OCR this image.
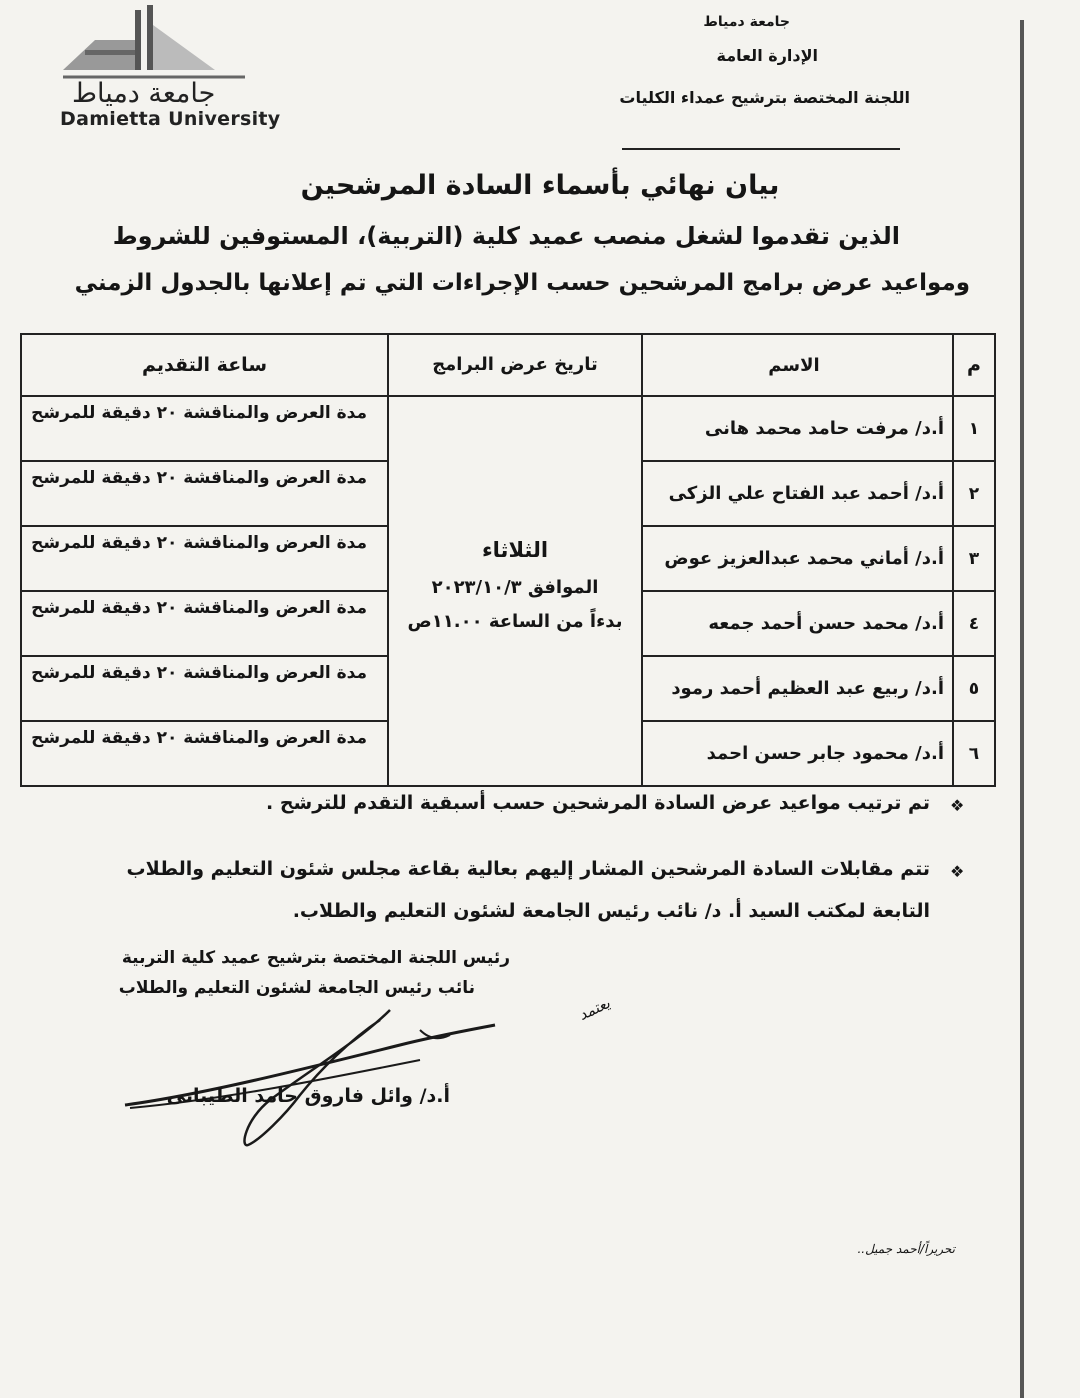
جامعة دمياط
Damietta University
جامعة دمياط
الإدارة العامة
اللجنة المختصة بترشيح عمداء الكليات
بيان نهائي بأسماء السادة المرشحين
الذين تقدموا لشغل منصب عميد كلية (التربية)، المستوفين للشروط
ومواعيد عرض برامج المرشحين حسب الإجراءات التي تم إعلانها بالجدول الزمني
م	الاسم	تاريخ عرض البرامج	ساعة التقديم
١	أ.د/ مرفت حامد محمد هانى	الثلاثاء
الموافق ٢٠٢٣/١٠/٣
بدءاً من الساعة ١١.٠٠ص	مدة العرض والمناقشة ٢٠ دقيقة للمرشح
٢	أ.د/ أحمد عبد الفتاح علي الزكى		مدة العرض والمناقشة ٢٠ دقيقة للمرشح
٣	أ.د/ أماني محمد عبدالعزيز عوض		مدة العرض والمناقشة ٢٠ دقيقة للمرشح
٤	أ.د/ محمد حسن أحمد جمعه		مدة العرض والمناقشة ٢٠ دقيقة للمرشح
٥	أ.د/ ربيع عبد العظيم أحمد رمود		مدة العرض والمناقشة ٢٠ دقيقة للمرشح
٦	أ.د/ محمود جابر حسن احمد		مدة العرض والمناقشة ٢٠ دقيقة للمرشح
❖
تم ترتيب مواعيد عرض السادة المرشحين حسب أسبقية التقدم للترشح .
❖
تتم مقابلات السادة المرشحين المشار إليهم بعالية بقاعة مجلس شئون التعليم والطلاب التابعة لمكتب السيد أ. د/ نائب رئيس الجامعة لشئون التعليم والطلاب.
رئيس اللجنة المختصة بترشيح عميد كلية التربية
نائب رئيس الجامعة لشئون التعليم والطلاب
يعتمد
أ.د/ وائل فاروق حامد الطيبانى
تحريراً/أحمد جميل..
